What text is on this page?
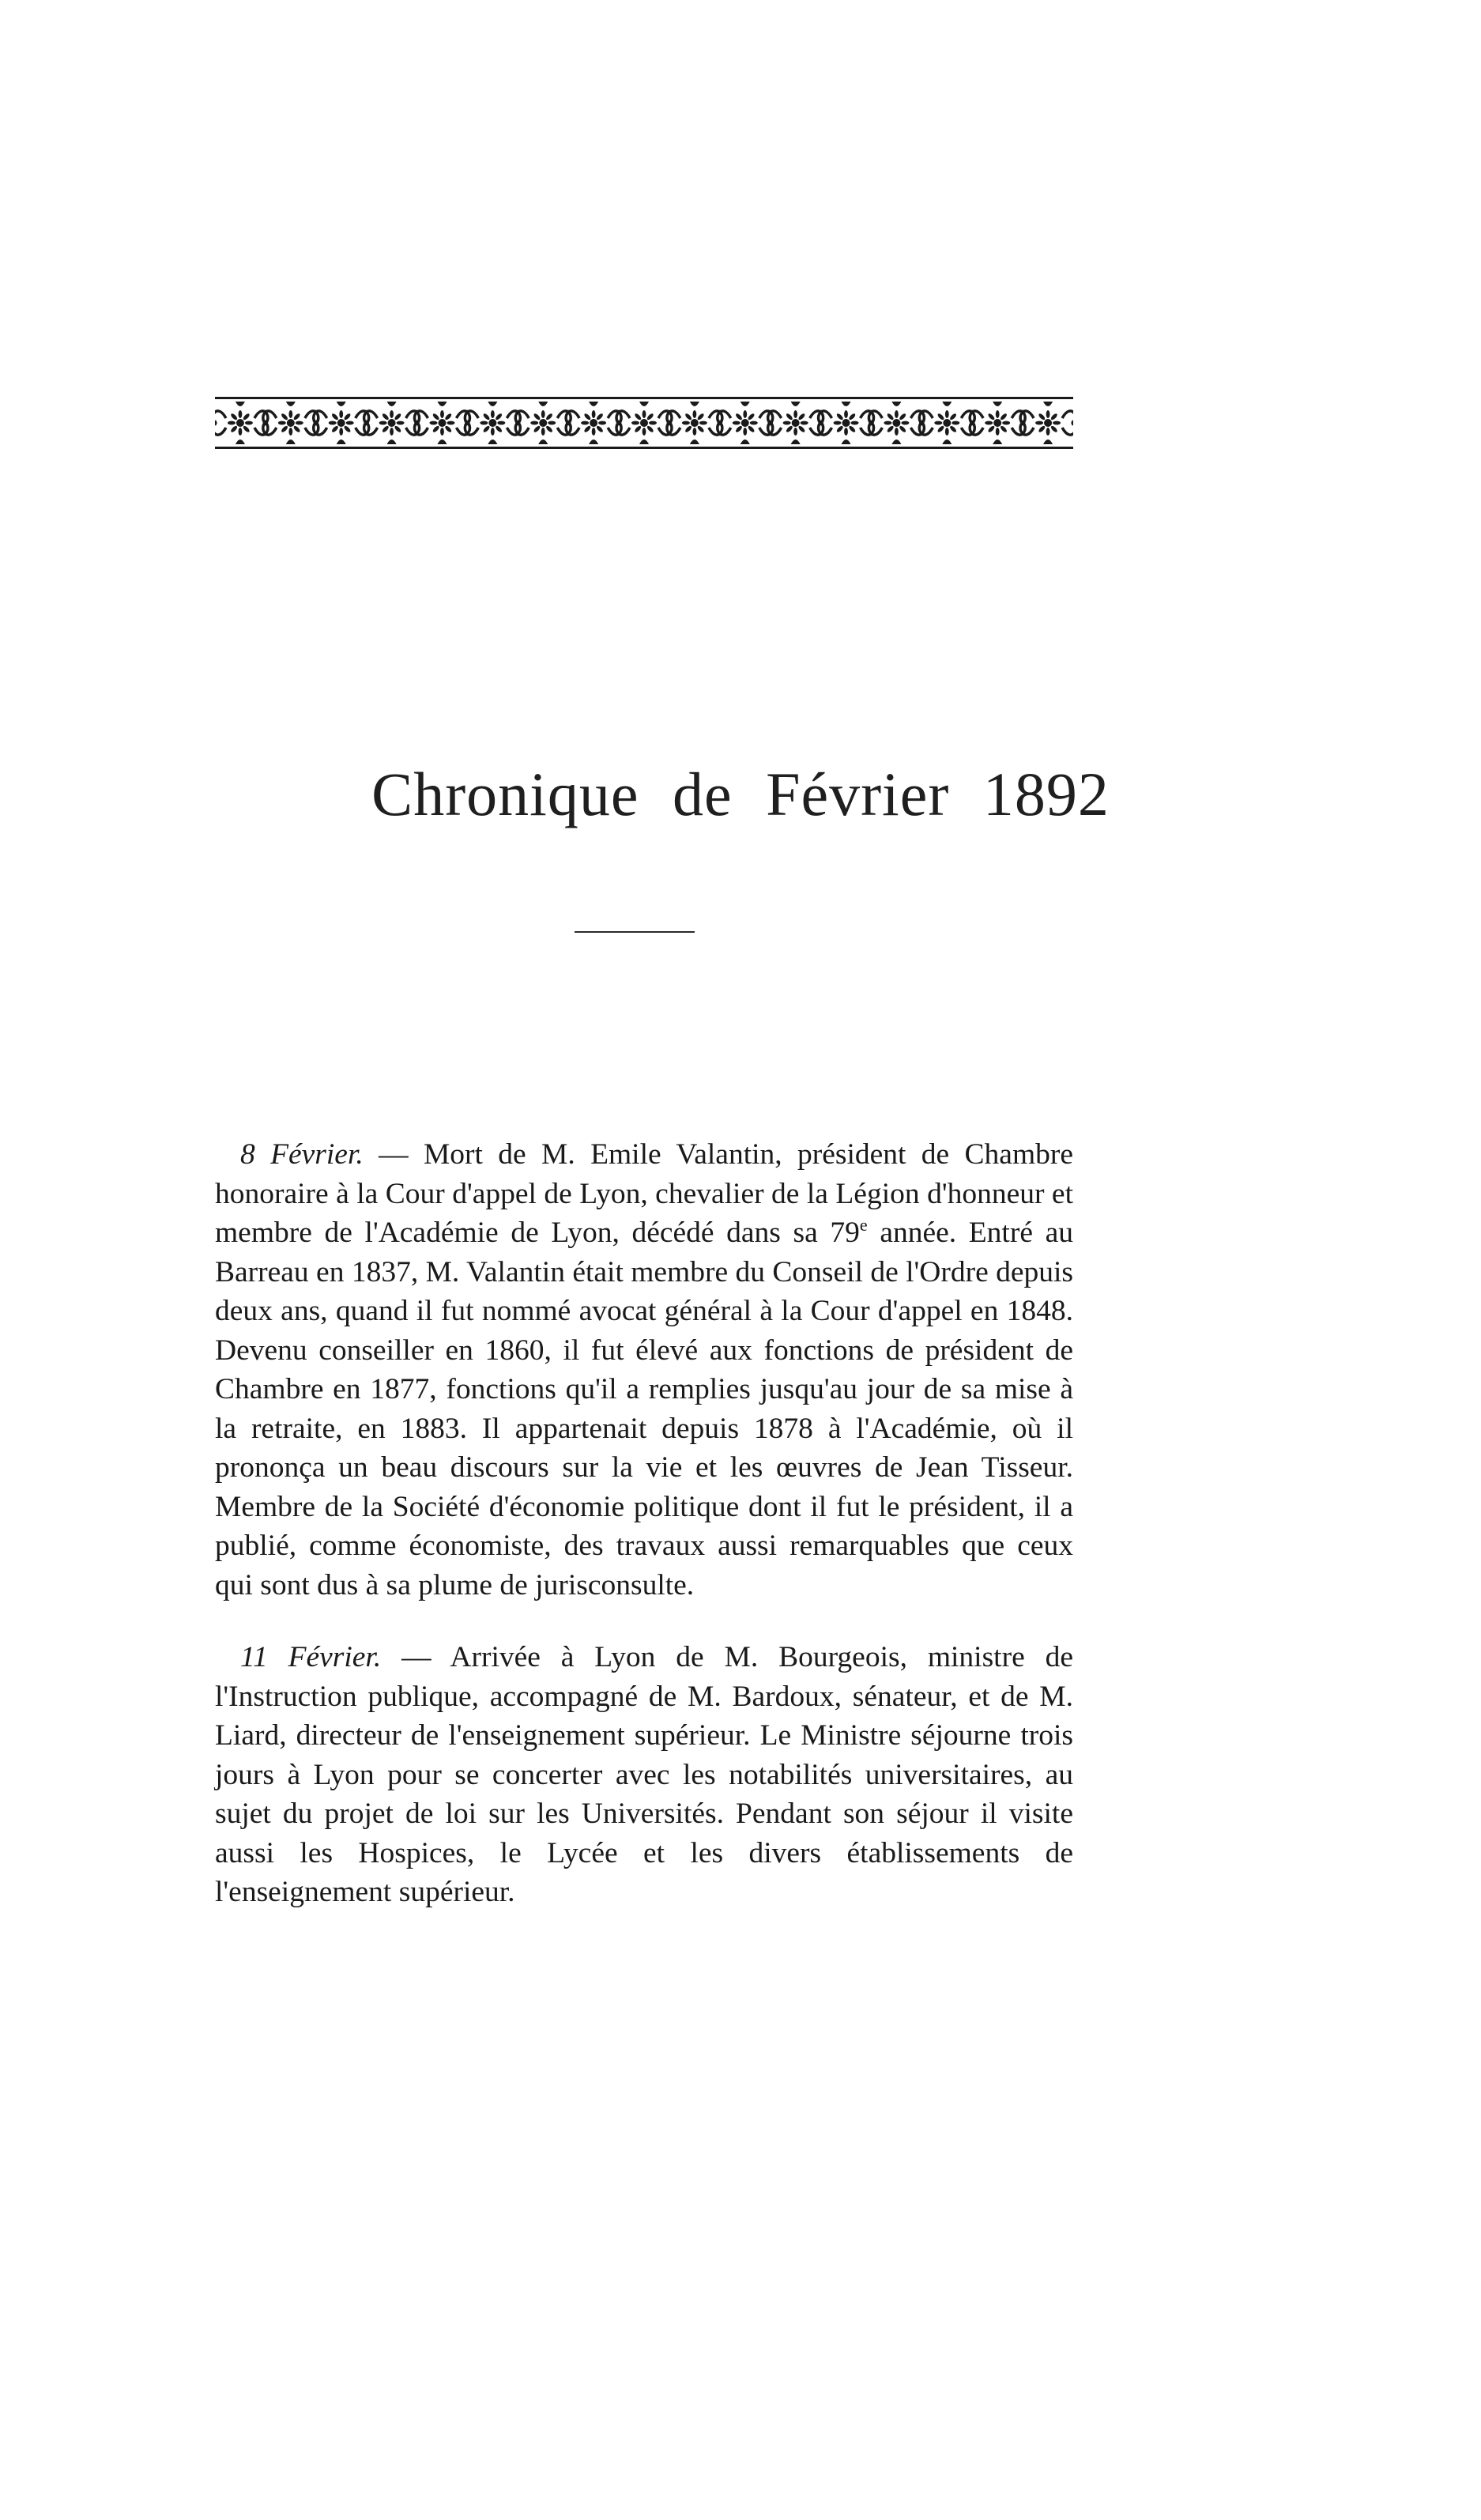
Chronique de Février 1892

8 Février. — Mort de M. Emile Valantin, président de Chambre honoraire à la Cour d'appel de Lyon, chevalier de la Légion d'honneur et membre de l'Académie de Lyon, décédé dans sa 79e année. Entré au Barreau en 1837, M. Valantin était membre du Conseil de l'Ordre depuis deux ans, quand il fut nommé avocat général à la Cour d'appel en 1848. Devenu conseiller en 1860, il fut élevé aux fonctions de président de Chambre en 1877, fonctions qu'il a remplies jusqu'au jour de sa mise à la retraite, en 1883. Il appartenait depuis 1878 à l'Académie, où il prononça un beau discours sur la vie et les œuvres de Jean Tisseur. Membre de la Société d'économie politique dont il fut le président, il a publié, comme économiste, des travaux aussi remarquables que ceux qui sont dus à sa plume de jurisconsulte.

11 Février. — Arrivée à Lyon de M. Bourgeois, ministre de l'Instruction publique, accompagné de M. Bardoux, sénateur, et de M. Liard, directeur de l'enseignement supérieur. Le Ministre séjourne trois jours à Lyon pour se concerter avec les notabilités universitaires, au sujet du projet de loi sur les Universités. Pendant son séjour il visite aussi les Hospices, le Lycée et les divers établissements de l'enseignement supérieur.
